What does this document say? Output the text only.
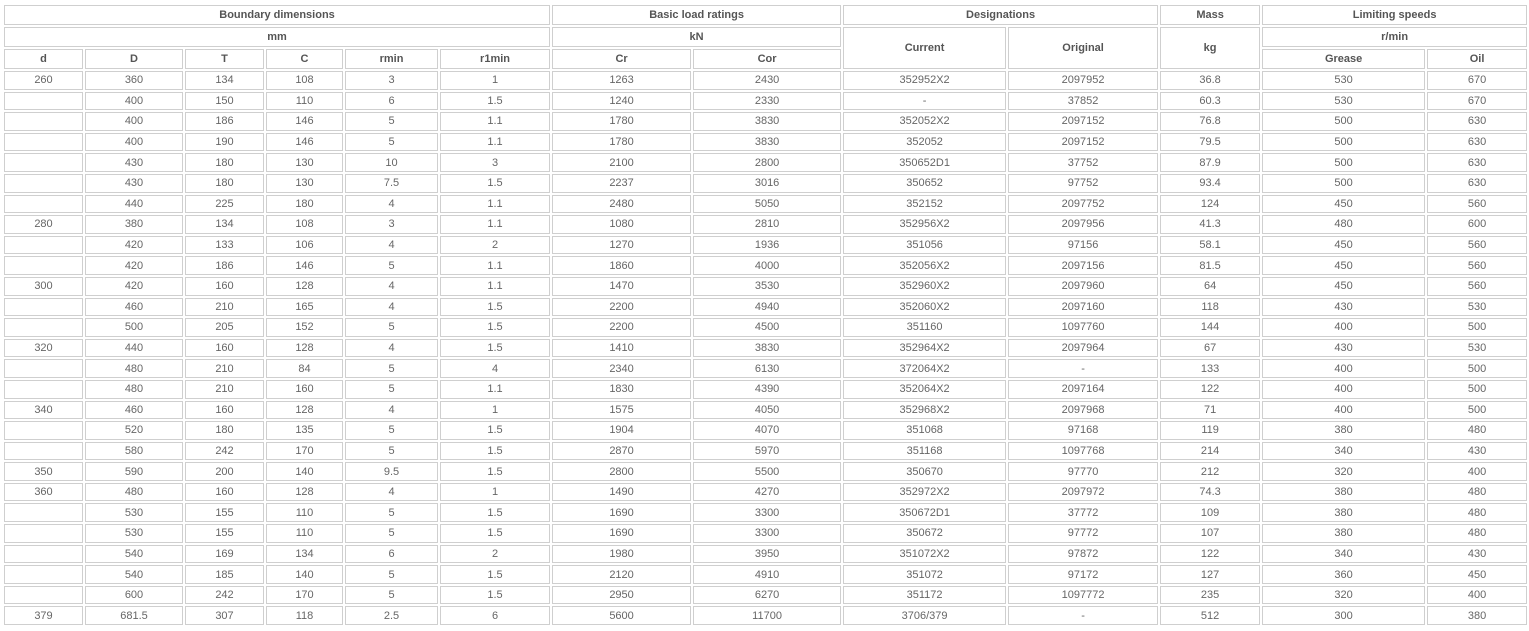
Boundary dimensions						Basic load ratings		Designations		Mass	Limiting speeds	
mm						kN		Current	Original	kg	r/min	
d	D	T	C	rmin	r1min	Cr	Cor				Grease	Oil
260	360	134	108	3	1	1263	2430	352952X2	2097952	36.8	530	670
	400	150	110	6	1.5	1240	2330	-	37852	60.3	530	670
	400	186	146	5	1.1	1780	3830	352052X2	2097152	76.8	500	630
	400	190	146	5	1.1	1780	3830	352052	2097152	79.5	500	630
	430	180	130	10	3	2100	2800	350652D1	37752	87.9	500	630
	430	180	130	7.5	1.5	2237	3016	350652	97752	93.4	500	630
	440	225	180	4	1.1	2480	5050	352152	2097752	124	450	560
280	380	134	108	3	1.1	1080	2810	352956X2	2097956	41.3	480	600
	420	133	106	4	2	1270	1936	351056	97156	58.1	450	560
	420	186	146	5	1.1	1860	4000	352056X2	2097156	81.5	450	560
300	420	160	128	4	1.1	1470	3530	352960X2	2097960	64	450	560
	460	210	165	4	1.5	2200	4940	352060X2	2097160	118	430	530
	500	205	152	5	1.5	2200	4500	351160	1097760	144	400	500
320	440	160	128	4	1.5	1410	3830	352964X2	2097964	67	430	530
	480	210	84	5	4	2340	6130	372064X2	-	133	400	500
	480	210	160	5	1.1	1830	4390	352064X2	2097164	122	400	500
340	460	160	128	4	1	1575	4050	352968X2	2097968	71	400	500
	520	180	135	5	1.5	1904	4070	351068	97168	119	380	480
	580	242	170	5	1.5	2870	5970	351168	1097768	214	340	430
350	590	200	140	9.5	1.5	2800	5500	350670	97770	212	320	400
360	480	160	128	4	1	1490	4270	352972X2	2097972	74.3	380	480
	530	155	110	5	1.5	1690	3300	350672D1	37772	109	380	480
	530	155	110	5	1.5	1690	3300	350672	97772	107	380	480
	540	169	134	6	2	1980	3950	351072X2	97872	122	340	430
	540	185	140	5	1.5	2120	4910	351072	97172	127	360	450
	600	242	170	5	1.5	2950	6270	351172	1097772	235	320	400
379	681.5	307	118	2.5	6	5600	11700	3706/379	-	512	300	380
